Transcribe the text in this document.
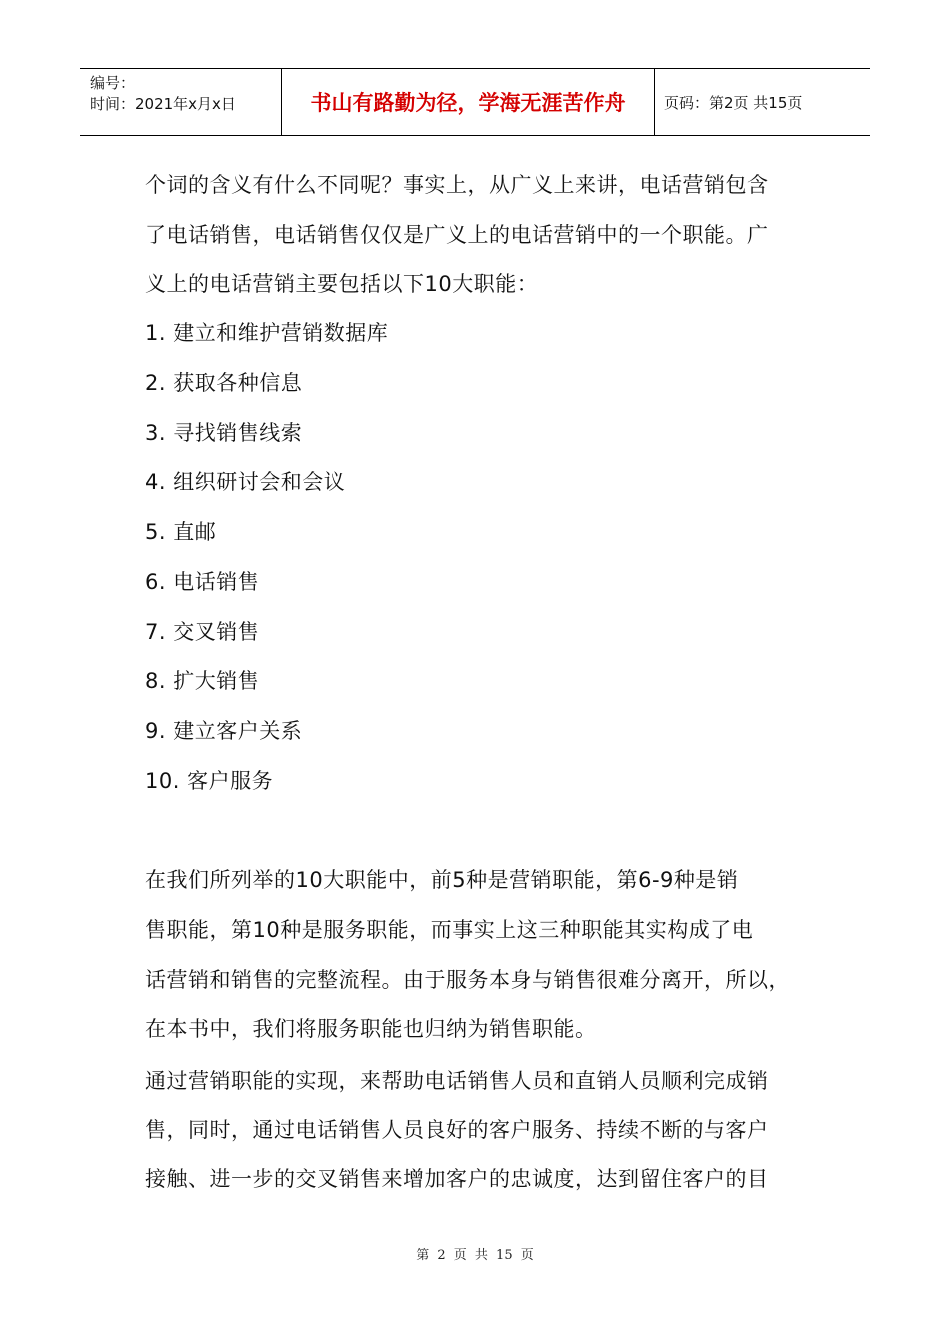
编号：
时间：2021年x月x日	书山有路勤为径，学海无涯苦作舟	页码：第2页 共15页
个词的含义有什么不同呢？事实上，从广义上来讲，电话营销包含
了电话销售，电话销售仅仅是广义上的电话营销中的一个职能。广
义上的电话营销主要包括以下10大职能：
1. 建立和维护营销数据库
2. 获取各种信息
3. 寻找销售线索
4. 组织研讨会和会议
5. 直邮
6. 电话销售
7. 交叉销售
8. 扩大销售
9. 建立客户关系
10. 客户服务
在我们所列举的10大职能中，前5种是营销职能，第6-9种是销
售职能，第10种是服务职能，而事实上这三种职能其实构成了电
话营销和销售的完整流程。由于服务本身与销售很难分离开，所以，
在本书中，我们将服务职能也归纳为销售职能。
通过营销职能的实现，来帮助电话销售人员和直销人员顺利完成销
售，同时，通过电话销售人员良好的客户服务、持续不断的与客户
接触、进一步的交叉销售来增加客户的忠诚度，达到留住客户的目
第 2 页 共 15 页
